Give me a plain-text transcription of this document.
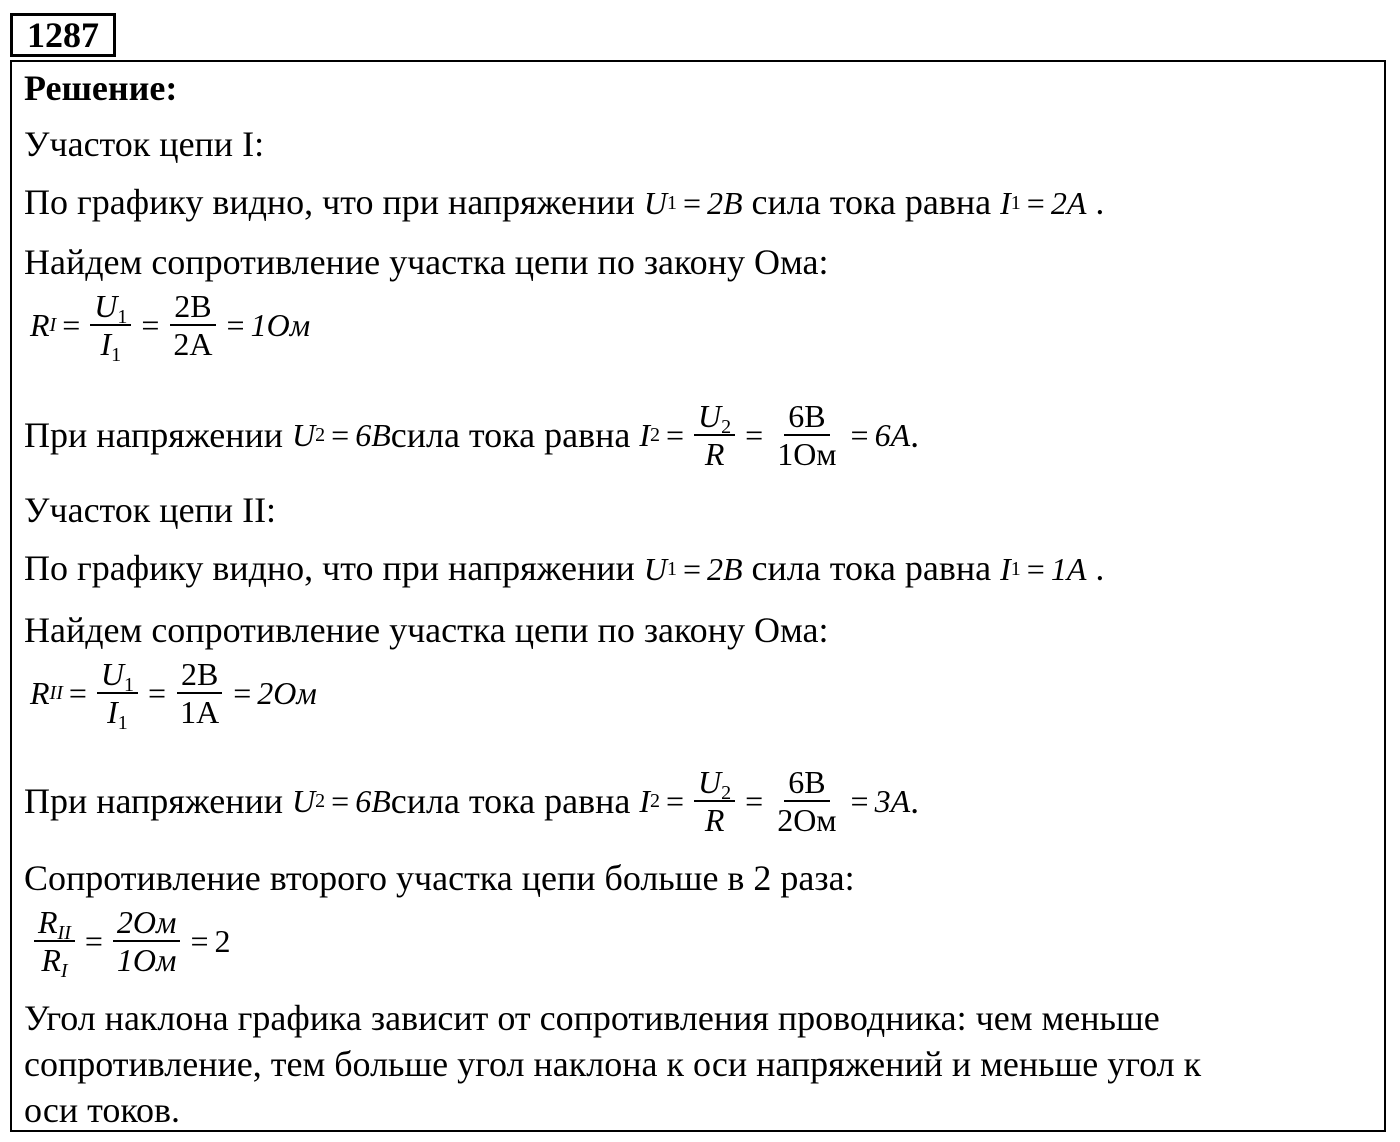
1287
Решение:
Участок цепи I:
По графику видно, что при напряжении U 1 = 2B сила тока равна I 1 = 2A .
Найдем сопротивление участка цепи по закону Ома:
R $I = \frac{U_1}{I_1} = \frac{2B}{2A} = 1Ом$
При напряжении
U 2 = 6B сила тока равна
I $2 = \frac{U_2}{R} = \frac{6B}{1Ом} = 6A$ .
Участок цепи II:
По графику видно, что при напряжении U 1 = 2B сила тока равна I 1 = 1A .
Найдем сопротивление участка цепи по закону Ома:
R II = $\frac{U_1}{I_1} = \frac{2B}{1A} = 2Ом$
При напряжении
U 2 = 6B сила тока равна
I $2 = \frac{U_2}{R} = \frac{6B}{2Ом} = 3A$ .
Сопротивление второго участка цепи больше в 2 раза:
$\frac{R_{II}}{R_I} = \frac{2Ом}{1Ом} = 2$
Угол наклона графика зависит от сопротивления проводника: чем меньше
сопротивление, тем больше угол наклона к оси напряжений и меньше угол к
оси токов.
